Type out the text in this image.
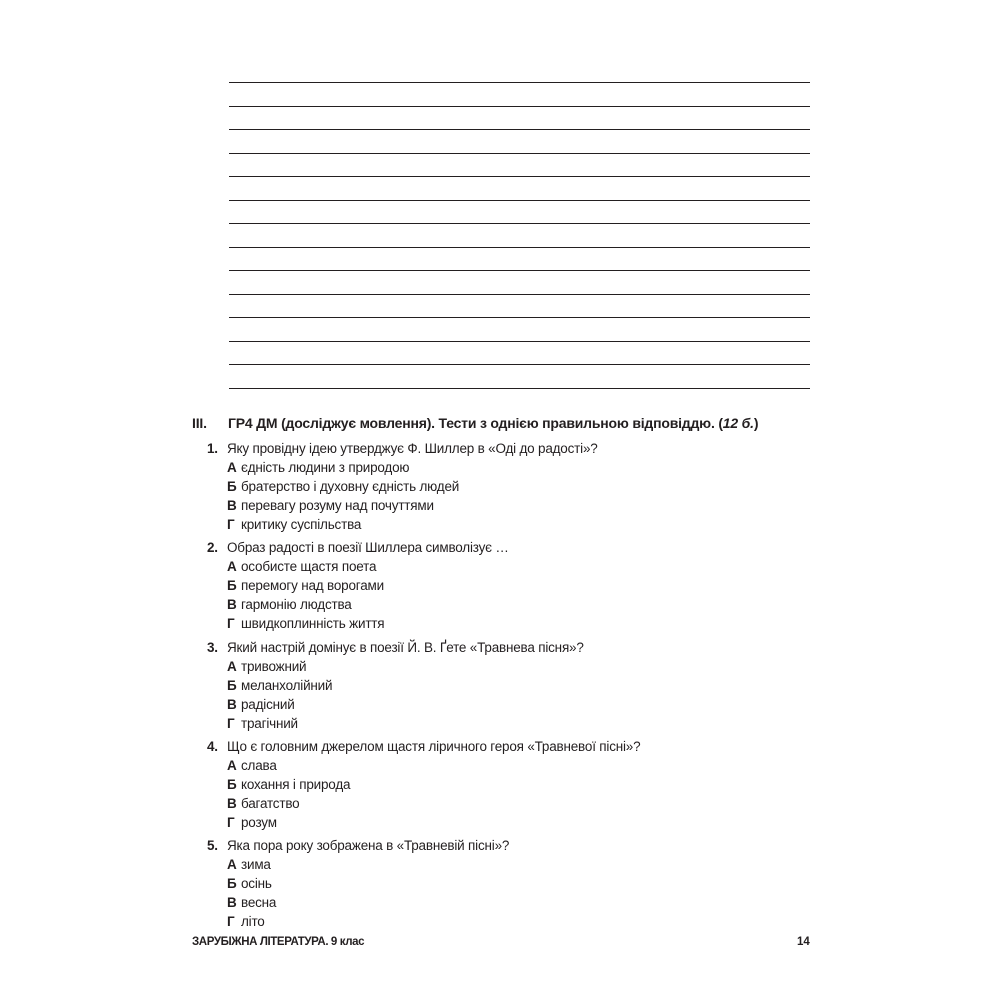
III. ГР4 ДМ (досліджує мовлення). Тести з однією правильною відповіддю. (12 б.)
1. Яку провідну ідею утверджує Ф. Шиллер в «Оді до радості»?
А єдність людини з природою
Б братерство і духовну єдність людей
В перевагу розуму над почуттями
Г критику суспільства
2. Образ радості в поезії Шиллера символізує …
А особисте щастя поета
Б перемогу над ворогами
В гармонію людства
Г швидкоплинність життя
3. Який настрій домінує в поезії Й. В. Ґете «Травнева пісня»?
А тривожний
Б меланхолійний
В радісний
Г трагічний
4. Що є головним джерелом щастя ліричного героя «Травневої пісні»?
А слава
Б кохання і природа
В багатство
Г розум
5. Яка пора року зображена в «Травневій пісні»?
А зима
Б осінь
В весна
Г літо
ЗАРУБІЖНА ЛІТЕРАТУРА. 9 клас	14
